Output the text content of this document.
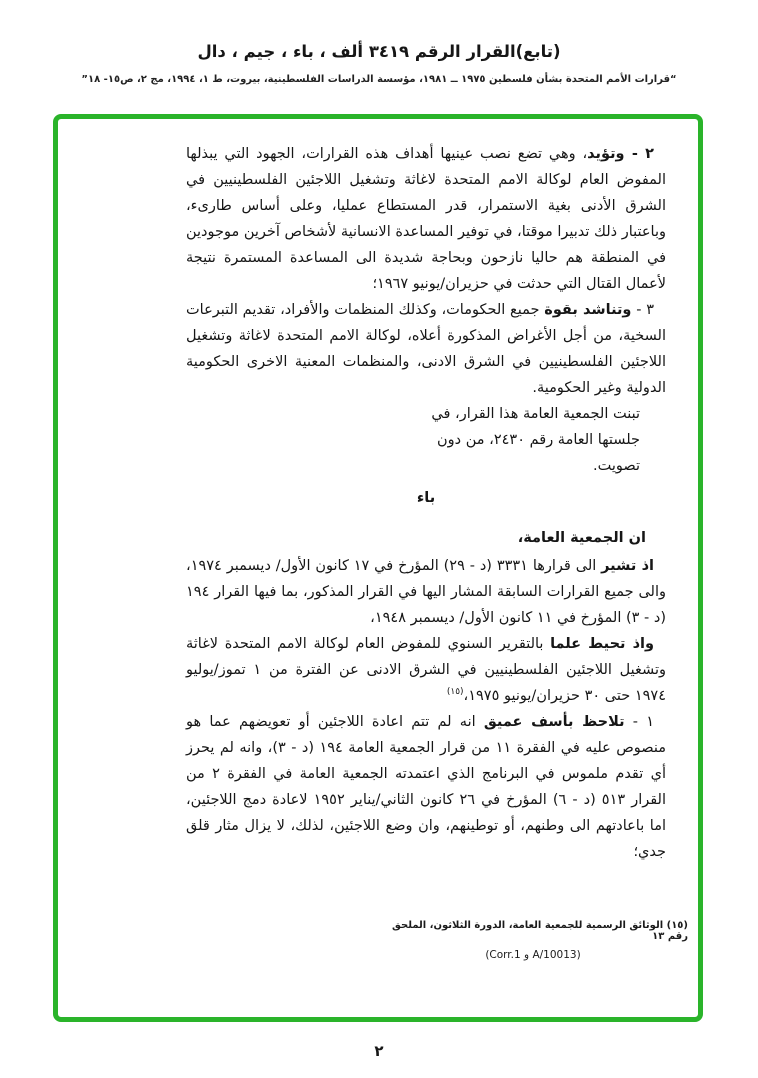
(تابع)القرار الرقم ٣٤١٩ ألف ، باء ، جيم ، دال
“قرارات الأمم المتحدة بشأن فلسطين ١٩٧٥ ــ ١٩٨١، مؤسسة الدراسات الفلسطينية، بيروت، ط ١، ١٩٩٤، مج ٢، ص١٥- ١٨”

٢ - وتؤيد، وهي تضع نصب عينيها أهداف هذه القرارات، الجهود التي يبذلها المفوض العام لوكالة الامم المتحدة لاغاثة وتشغيل اللاجئين الفلسطينيين في الشرق الأدنى بغية الاستمرار، قدر المستطاع عمليا، وعلى أساس طارىء، وباعتبار ذلك تدبيرا موقتا، في توفير المساعدة الانسانية لأشخاص آخرين موجودين في المنطقة هم حاليا نازحون وبحاجة شديدة الى المساعدة المستمرة نتيجة لأعمال القتال التي حدثت في حزيران/يونيو ١٩٦٧؛

٣ - وتناشد بقوة جميع الحكومات، وكذلك المنظمات والأفراد، تقديم التبرعات السخية، من أجل الأغراض المذكورة أعلاه، لوكالة الامم المتحدة لاغاثة وتشغيل اللاجئين الفلسطينيين في الشرق الادنى، والمنظمات المعنية الاخرى الحكومية الدولية وغير الحكومية.

تبنت الجمعية العامة هذا القرار، في جلستها العامة رقم ٢٤٣٠، من دون تصويت.

باء

ان الجمعية العامة،

اذ تشير الى قرارها ٣٣٣١ (د - ٢٩) المؤرخ في ١٧ كانون الأول/ ديسمبر ١٩٧٤، والى جميع القرارات السابقة المشار اليها في القرار المذكور، بما فيها القرار ١٩٤ (د - ٣) المؤرخ في ١١ كانون الأول/ ديسمبر ١٩٤٨،

واذ تحيط علما بالتقرير السنوي للمفوض العام لوكالة الامم المتحدة لاغاثة وتشغيل اللاجئين الفلسطينيين في الشرق الادنى عن الفترة من ١ تموز/يوليو ١٩٧٤ حتى ٣٠ حزيران/يونيو ١٩٧٥،$^{(١٥)}$

١ - تلاحظ بأسف عميق انه لم تتم اعادة اللاجئين أو تعويضهم عما هو منصوص عليه في الفقرة ١١ من قرار الجمعية العامة ١٩٤ (د - ٣)، وانه لم يحرز أي تقدم ملموس في البرنامج الذي اعتمدته الجمعية العامة في الفقرة ٢ من القرار ٥١٣ (د - ٦) المؤرخ في ٢٦ كانون الثاني/يناير ١٩٥٢ لاعادة دمج اللاجئين، اما باعادتهم الى وطنهم، أو توطينهم، وان وضع اللاجئين، لذلك، لا يزال مثار قلق جدي؛

(١٥) الوثائق الرسمية للجمعية العامة، الدورة الثلاثون، الملحق رقم ١٣
(A/10013 و Corr.1)
٢
